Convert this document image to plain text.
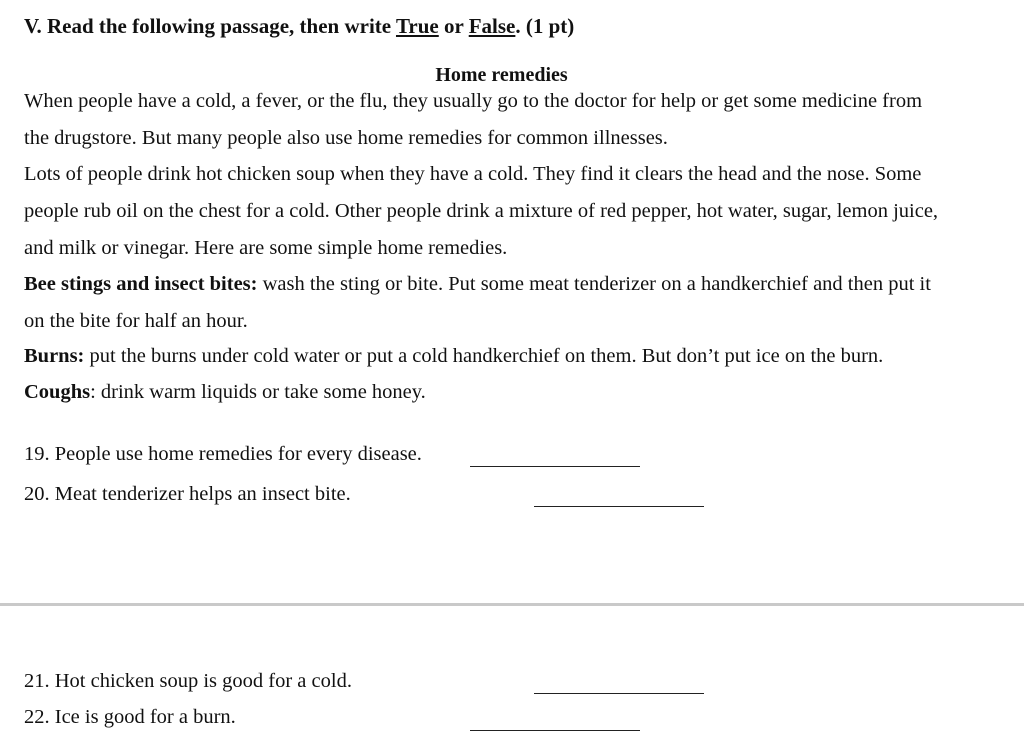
V. Read the following passage, then write True or False. (1 pt)
Home remedies
When people have a cold, a fever, or the flu, they usually go to the doctor for help or get some medicine from
the drugstore. But many people also use home remedies for common illnesses.
Lots of people drink hot chicken soup when they have a cold. They find it clears the head and the nose. Some
people rub oil on the chest for a cold. Other people drink a mixture of red pepper, hot water, sugar, lemon juice,
and milk or vinegar. Here are some simple home remedies.
Bee stings and insect bites: wash the sting or bite. Put some meat tenderizer on a handkerchief and then put it
on the bite for half an hour.
Burns: put the burns under cold water or put a cold handkerchief on them. But don’t put ice on the burn.
Coughs: drink warm liquids or take some honey.
19. People use home remedies for every disease.
20. Meat tenderizer helps an insect bite.
21. Hot chicken soup is good for a cold.
22. Ice is good for a burn.
